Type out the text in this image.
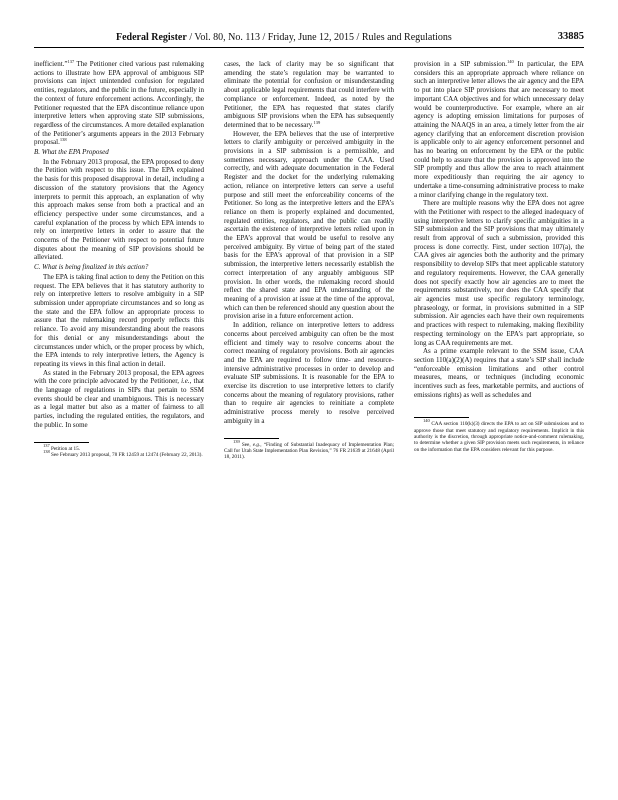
Federal Register / Vol. 80, No. 113 / Friday, June 12, 2015 / Rules and Regulations	33885

inefficient.”$^{137}$ The Petitioner cited various past rulemaking actions to illustrate how EPA approval of ambiguous SIP provisions can inject unintended confusion for regulated entities, regulators, and the public in the future, especially in the context of future enforcement actions. Accordingly, the Petitioner requested that the EPA discontinue reliance upon interpretive letters when approving state SIP submissions, regardless of the circumstances. A more detailed explanation of the Petitioner’s arguments appears in the 2013 February proposal.$^{138}$

B. What the EPA Proposed

In the February 2013 proposal, the EPA proposed to deny the Petition with respect to this issue. The EPA explained the basis for this proposed disapproval in detail, including a discussion of the statutory provisions that the Agency interprets to permit this approach, an explanation of why this approach makes sense from both a practical and an efficiency perspective under some circumstances, and a careful explanation of the process by which EPA intends to rely on interpretive letters in order to assure that the concerns of the Petitioner with respect to potential future disputes about the meaning of SIP provisions should be alleviated.

C. What is being finalized in this action?

The EPA is taking final action to deny the Petition on this request. The EPA believes that it has statutory authority to rely on interpretive letters to resolve ambiguity in a SIP submission under appropriate circumstances and so long as the state and the EPA follow an appropriate process to assure that the rulemaking record properly reflects this reliance. To avoid any misunderstanding about the reasons for this denial or any misunderstandings about the circumstances under which, or the proper process by which, the EPA intends to rely interpretive letters, the Agency is repeating its views in this final action in detail.

As stated in the February 2013 proposal, the EPA agrees with the core principle advocated by the Petitioner, i.e., that the language of regulations in SIPs that pertain to SSM events should be clear and unambiguous. This is necessary as a legal matter but also as a matter of fairness to all parties, including the regulated entities, the regulators, and the public. In some

$^{137}$ Petition at 15.

$^{138}$ See February 2013 proposal, 78 FR 12459 at 12474 (February 22, 2013).

cases, the lack of clarity may be so significant that amending the state’s regulation may be warranted to eliminate the potential for confusion or misunderstanding about applicable legal requirements that could interfere with compliance or enforcement. Indeed, as noted by the Petitioner, the EPA has requested that states clarify ambiguous SIP provisions when the EPA has subsequently determined that to be necessary.$^{139}$

However, the EPA believes that the use of interpretive letters to clarify ambiguity or perceived ambiguity in the provisions in a SIP submission is a permissible, and sometimes necessary, approach under the CAA. Used correctly, and with adequate documentation in the Federal Register and the docket for the underlying rulemaking action, reliance on interpretive letters can serve a useful purpose and still meet the enforceability concerns of the Petitioner. So long as the interpretive letters and the EPA’s reliance on them is properly explained and documented, regulated entities, regulators, and the public can readily ascertain the existence of interpretive letters relied upon in the EPA’s approval that would be useful to resolve any perceived ambiguity. By virtue of being part of the stated basis for the EPA’s approval of that provision in a SIP submission, the interpretive letters necessarily establish the correct interpretation of any arguably ambiguous SIP provision. In other words, the rulemaking record should reflect the shared state and EPA understanding of the meaning of a provision at issue at the time of the approval, which can then be referenced should any question about the provision arise in a future enforcement action.

In addition, reliance on interpretive letters to address concerns about perceived ambiguity can often be the most efficient and timely way to resolve concerns about the correct meaning of regulatory provisions. Both air agencies and the EPA are required to follow time- and resource-intensive administrative processes in order to develop and evaluate SIP submissions. It is reasonable for the EPA to exercise its discretion to use interpretive letters to clarify concerns about the meaning of regulatory provisions, rather than to require air agencies to reinitiate a complete administrative process merely to resolve perceived ambiguity in a

$^{139}$ See, e.g., “Finding of Substantial Inadequacy of Implementation Plan; Call for Utah State Implementation Plan Revision,” 76 FR 21639 at 21648 (April 18, 2011).

provision in a SIP submission.$^{140}$ In particular, the EPA considers this an appropriate approach where reliance on such an interpretive letter allows the air agency and the EPA to put into place SIP provisions that are necessary to meet important CAA objectives and for which unnecessary delay would be counterproductive. For example, where an air agency is adopting emission limitations for purposes of attaining the NAAQS in an area, a timely letter from the air agency clarifying that an enforcement discretion provision is applicable only to air agency enforcement personnel and has no bearing on enforcement by the EPA or the public could help to assure that the provision is approved into the SIP promptly and thus allow the area to reach attainment more expeditiously than requiring the air agency to undertake a time-consuming administrative process to make a minor clarifying change in the regulatory text.

There are multiple reasons why the EPA does not agree with the Petitioner with respect to the alleged inadequacy of using interpretive letters to clarify specific ambiguities in a SIP submission and the SIP provisions that may ultimately result from approval of such a submission, provided this process is done correctly. First, under section 107(a), the CAA gives air agencies both the authority and the primary responsibility to develop SIPs that meet applicable statutory and regulatory requirements. However, the CAA generally does not specify exactly how air agencies are to meet the requirements substantively, nor does the CAA specify that air agencies must use specific regulatory terminology, phraseology, or format, in provisions submitted in a SIP submission. Air agencies each have their own requirements and practices with respect to rulemaking, making flexibility respecting terminology on the EPA’s part appropriate, so long as CAA requirements are met.

As a prime example relevant to the SSM issue, CAA section 110(a)(2)(A) requires that a state’s SIP shall include “enforceable emission limitations and other control measures, means, or techniques (including economic incentives such as fees, marketable permits, and auctions of emissions rights) as well as schedules and

$^{140}$ CAA section 110(k)(3) directs the EPA to act on SIP submissions and to approve those that meet statutory and regulatory requirements. Implicit in this authority is the discretion, through appropriate notice-and-comment rulemaking, to determine whether a given SIP provision meets such requirements, in reliance on the information that the EPA considers relevant for this purpose.
